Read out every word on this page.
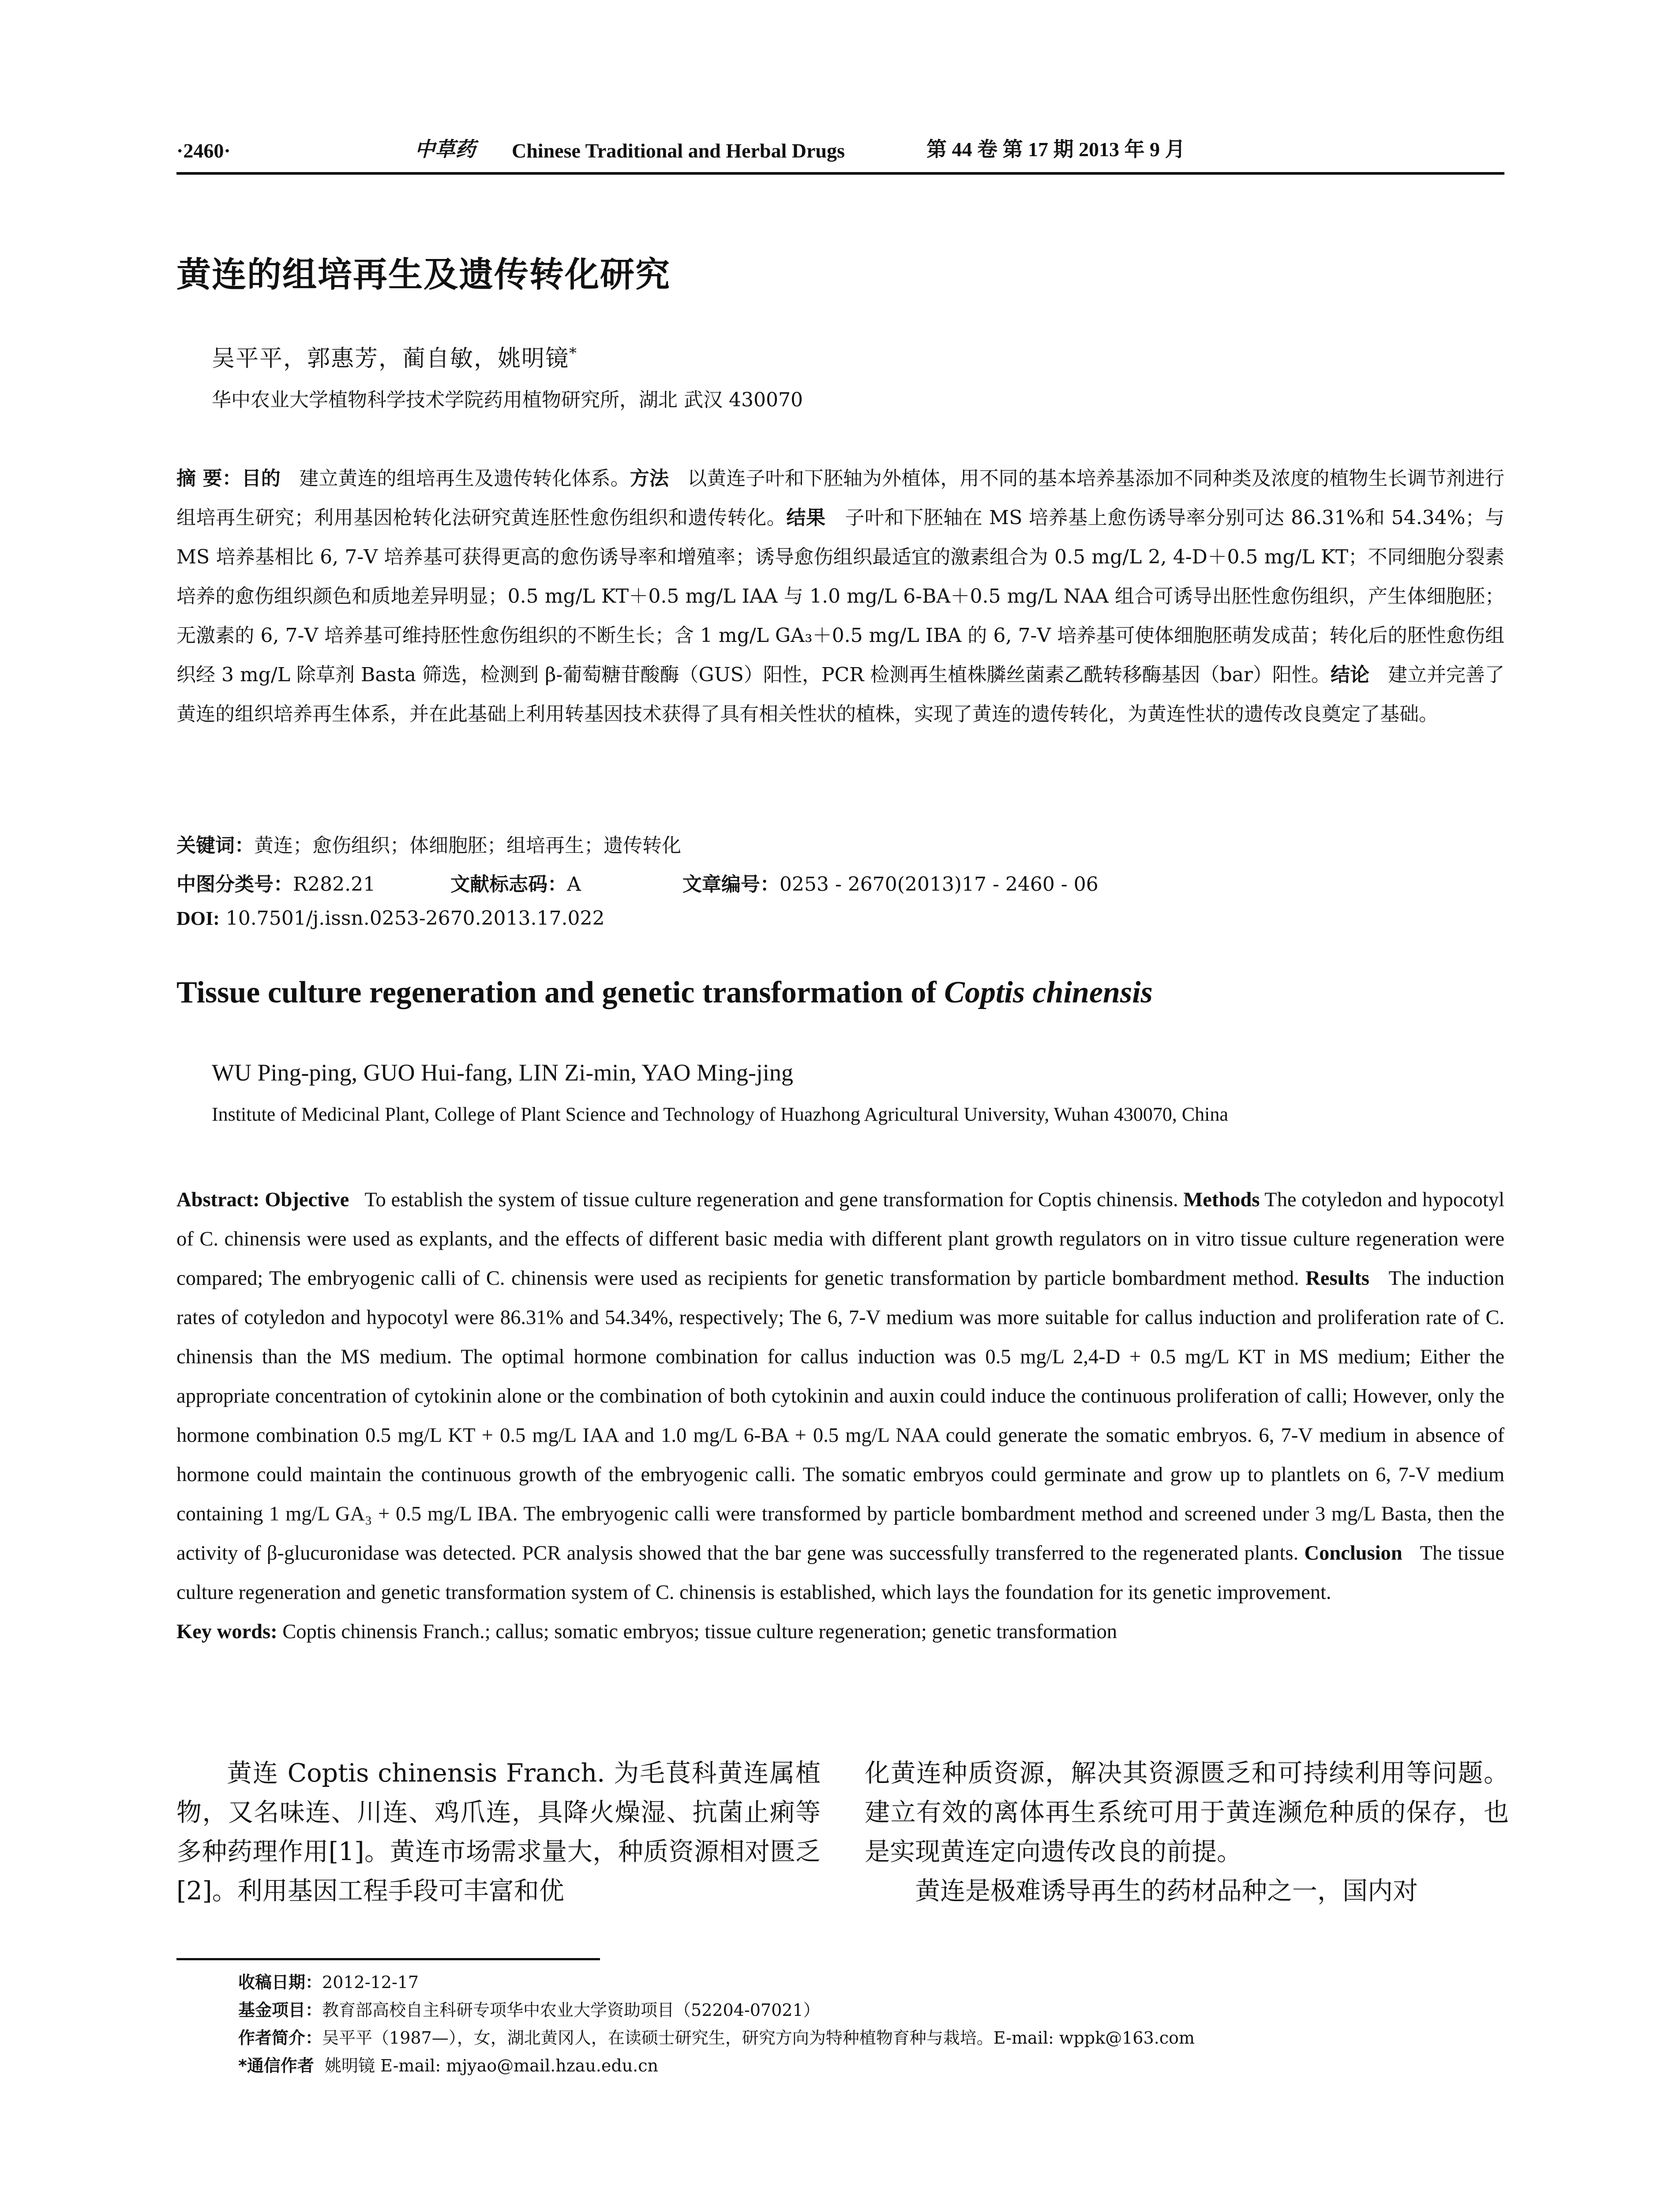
·2460·	中草药 Chinese Traditional and Herbal Drugs	第 44 卷 第 17 期 2013 年 9 月
黄连的组培再生及遗传转化研究
吴平平，郭惠芳，蔺自敏，姚明镜*
华中农业大学植物科学技术学院药用植物研究所，湖北 武汉 430070
摘 要：目的 建立黄连的组培再生及遗传转化体系。方法 以黄连子叶和下胚轴为外植体，用不同的基本培养基添加不同种类及浓度的植物生长调节剂进行组培再生研究；利用基因枪转化法研究黄连胚性愈伤组织和遗传转化。结果 子叶和下胚轴在 MS 培养基上愈伤诱导率分别可达 86.31%和 54.34%；与 MS 培养基相比 6, 7-V 培养基可获得更高的愈伤诱导率和增殖率；诱导愈伤组织最适宜的激素组合为 0.5 mg/L 2, 4-D＋0.5 mg/L KT；不同细胞分裂素培养的愈伤组织颜色和质地差异明显；0.5 mg/L KT＋0.5 mg/L IAA 与 1.0 mg/L 6-BA＋0.5 mg/L NAA 组合可诱导出胚性愈伤组织，产生体细胞胚；无激素的 6, 7-V 培养基可维持胚性愈伤组织的不断生长；含 1 mg/L GA₃＋0.5 mg/L IBA 的 6, 7-V 培养基可使体细胞胚萌发成苗；转化后的胚性愈伤组织经 3 mg/L 除草剂 Basta 筛选，检测到 β-葡萄糖苷酸酶（GUS）阳性，PCR 检测再生植株膦丝菌素乙酰转移酶基因（bar）阳性。结论 建立并完善了黄连的组织培养再生体系，并在此基础上利用转基因技术获得了具有相关性状的植株，实现了黄连的遗传转化，为黄连性状的遗传改良奠定了基础。
关键词：黄连；愈伤组织；体细胞胚；组培再生；遗传转化
中图分类号：R282.21	文献标志码：A	文章编号：0253 - 2670(2013)17 - 2460 - 06
DOI: 10.7501/j.issn.0253-2670.2013.17.022
Tissue culture regeneration and genetic transformation of Coptis chinensis
WU Ping-ping, GUO Hui-fang, LIN Zi-min, YAO Ming-jing
Institute of Medicinal Plant, College of Plant Science and Technology of Huazhong Agricultural University, Wuhan 430070, China
Abstract: Objective To establish the system of tissue culture regeneration and gene transformation for Coptis chinensis. Methods The cotyledon and hypocotyl of C. chinensis were used as explants, and the effects of different basic media with different plant growth regulators on in vitro tissue culture regeneration were compared; The embryogenic calli of C. chinensis were used as recipients for genetic transformation by particle bombardment method. Results The induction rates of cotyledon and hypocotyl were 86.31% and 54.34%, respectively; The 6, 7-V medium was more suitable for callus induction and proliferation rate of C. chinensis than the MS medium. The optimal hormone combination for callus induction was 0.5 mg/L 2,4-D + 0.5 mg/L KT in MS medium; Either the appropriate concentration of cytokinin alone or the combination of both cytokinin and auxin could induce the continuous proliferation of calli; However, only the hormone combination 0.5 mg/L KT + 0.5 mg/L IAA and 1.0 mg/L 6-BA + 0.5 mg/L NAA could generate the somatic embryos. 6, 7-V medium in absence of hormone could maintain the continuous growth of the embryogenic calli. The somatic embryos could germinate and grow up to plantlets on 6, 7-V medium containing 1 mg/L GA₃ + 0.5 mg/L IBA. The embryogenic calli were transformed by particle bombardment method and screened under 3 mg/L Basta, then the activity of β-glucuronidase was detected. PCR analysis showed that the bar gene was successfully transferred to the regenerated plants. Conclusion The tissue culture regeneration and genetic transformation system of C. chinensis is established, which lays the foundation for its genetic improvement.
Key words: Coptis chinensis Franch.; callus; somatic embryos; tissue culture regeneration; genetic transformation
黄连 Coptis chinensis Franch. 为毛茛科黄连属植物，又名味连、川连、鸡爪连，具降火燥湿、抗菌止痢等多种药理作用[1]。黄连市场需求量大，种质资源相对匮乏[2]。利用基因工程手段可丰富和优

化黄连种质资源，解决其资源匮乏和可持续利用等问题。建立有效的离体再生系统可用于黄连濒危种质的保存，也是实现黄连定向遗传改良的前提。

黄连是极难诱导再生的药材品种之一，国内对

收稿日期：2012-12-17
基金项目：教育部高校自主科研专项华中农业大学资助项目（52204-07021）
作者简介：吴平平（1987—），女，湖北黄冈人，在读硕士研究生，研究方向为特种植物育种与栽培。E-mail: wppk@163.com
*通信作者 姚明镜 E-mail: mjyao@mail.hzau.edu.cn
